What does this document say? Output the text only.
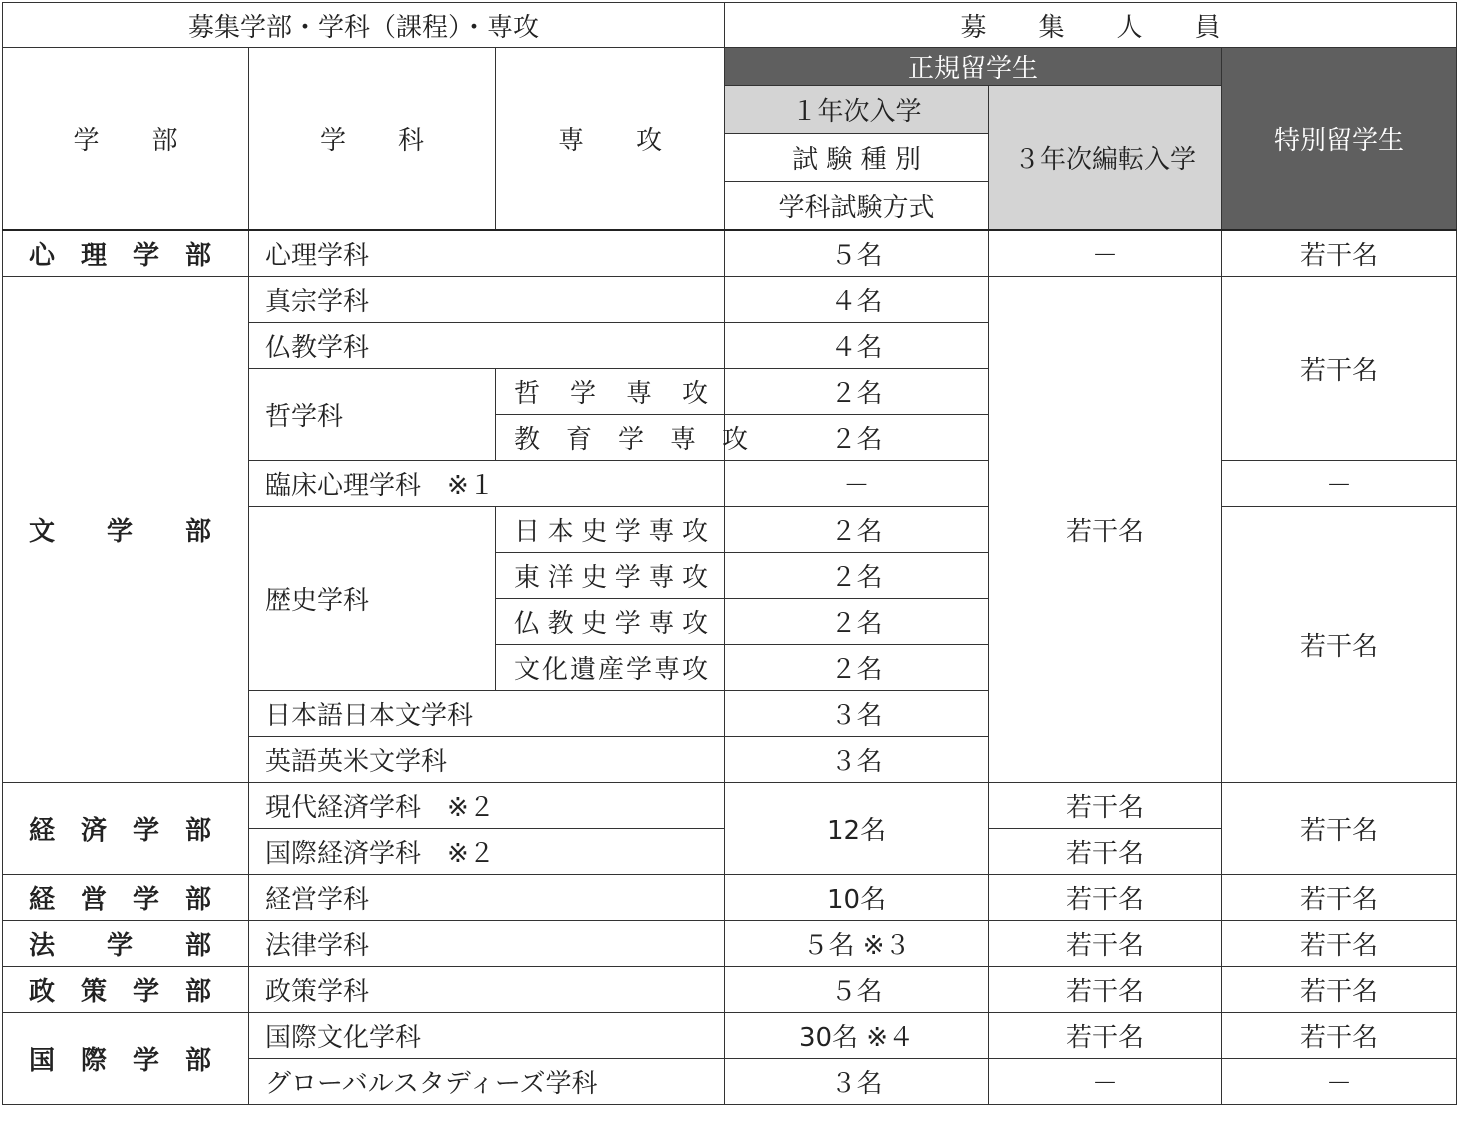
募集学部・学科（課程）・専攻			募　　集　　人　　員		
学　　部	学　　科	専　　攻	正規留学生		特別留学生
			１年次入学	３年次編転入学	
			試 験 種 別		
			学科試験方式		
心　理　学　部	心理学科		５名	－	若干名
文　　学　　部	真宗学科		４名	若干名	若干名
	仏教学科		４名		
	哲学科	哲　学　専　攻	２名		
		教　育　学　専　攻	２名		
	臨床心理学科　※１		－		－
	歴史学科	日本史学専攻	２名		若干名
		東洋史学専攻	２名		
		仏教史学専攻	２名		
		文化遺産学専攻	２名		
	日本語日本文学科		３名		
	英語英米文学科		３名		
経　済　学　部	現代経済学科　※２		12名	若干名	若干名
	国際経済学科　※２			若干名	
経　営　学　部	経営学科		10名	若干名	若干名
法　　学　　部	法律学科		５名 ※３	若干名	若干名
政　策　学　部	政策学科		５名	若干名	若干名
国　際　学　部	国際文化学科		30名 ※４	若干名	若干名
	グローバルスタディーズ学科		３名	－	－
